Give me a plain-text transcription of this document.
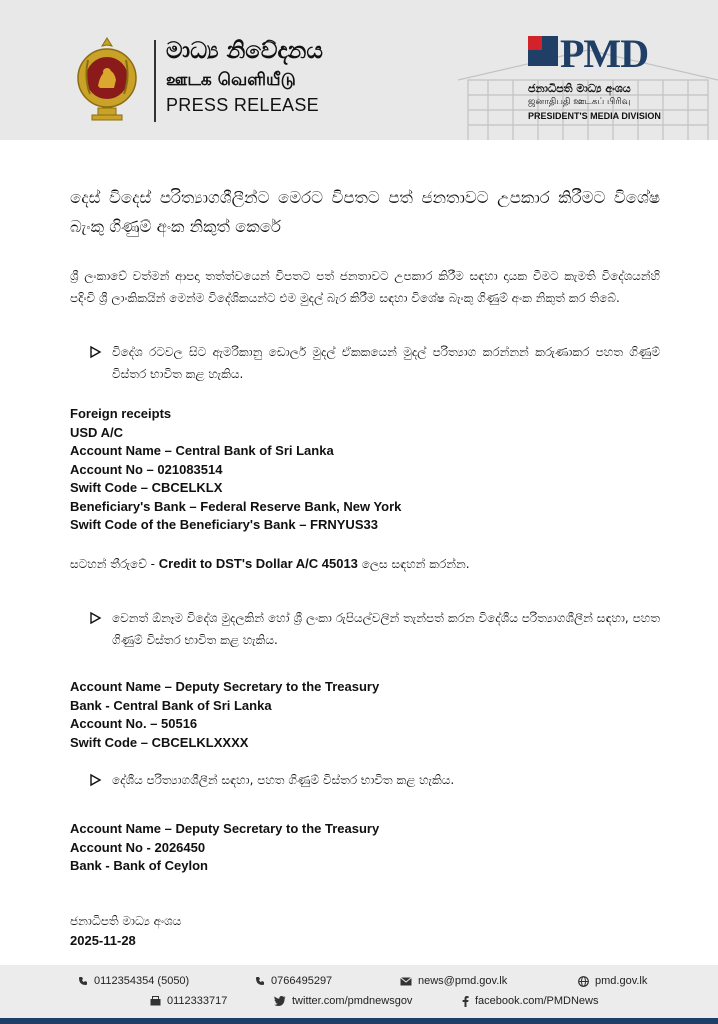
මාධ්‍ය නිවේදනය
ஊடக வெளியீடு
PRESS RELEASE
PMD
ජනාධිපති මාධ්‍ය අංශය
ஜனாதிபதி ஊடகப் பிரிவு
PRESIDENT'S MEDIA DIVISION
දෙස් විදෙස් පරිත්‍යාගශීලීන්ට මෙරට විපතට පත් ජනතාවට උපකාර කිරීමට විශේෂ බැංකු ගිණුම් අංක නිකුත් කෙරේ
ශ්‍රී ලංකාවේ වත්මන් ආපදා තත්ත්වයෙන් විපතට පත් ජනතාවට උපකාර කිරීම සඳහා දායක වීමට කැමති විදේශයන්හි පදිංචි ශ්‍රී ලාංකිකයින් මෙන්ම විදේශිකයන්ට එම මුදල් බැර කිරීම සඳහා විශේෂ බැංකු ගිණුම් අංක නිකුත් කර තිබේ.
විදේශ රටවල සිට ඇමරිකානු ඩොලර් මුදල් ඒකකයෙන් මුදල් පරිත්‍යාග කරන්නන් කරුණාකර පහත ගිණුම් විස්තර භාවිත කළ හැකිය.
Foreign receipts
USD A/C
Account Name – Central Bank of Sri Lanka
Account No – 021083514
Swift Code – CBCELKLX
Beneficiary's Bank – Federal Reserve Bank, New York
Swift Code of the Beneficiary's Bank – FRNYUS33
සටහන් තීරුවේ - Credit to DST's Dollar A/C 45013 ලෙස සඳහන් කරන්න.
වෙනත් ඕනෑම විදේශ මුදලකින් හෝ ශ්‍රී ලංකා රුපියල්වලින් තැන්පත් කරන විදේශීය පරිත්‍යාගශීලීන් සඳහා, පහත ගිණුම් විස්තර භාවිත කළ හැකිය.
Account Name – Deputy Secretary to the Treasury
Bank - Central Bank of Sri Lanka
Account No. – 50516
Swift Code – CBCELKLXXXX
දේශීය පරිත්‍යාගශීලීන් සඳහා, පහත ගිණුම් විස්තර භාවිත කළ හැකිය.
Account Name – Deputy Secretary to the Treasury
Account No - 2026450
Bank - Bank of Ceylon
ජනාධිපති මාධ්‍ය අංශය
2025-11-28
0112354354 (5050)	0766495297	news@pmd.gov.lk	pmd.gov.lk
0112333717	twitter.com/pmdnewsgov	facebook.com/PMDNews
